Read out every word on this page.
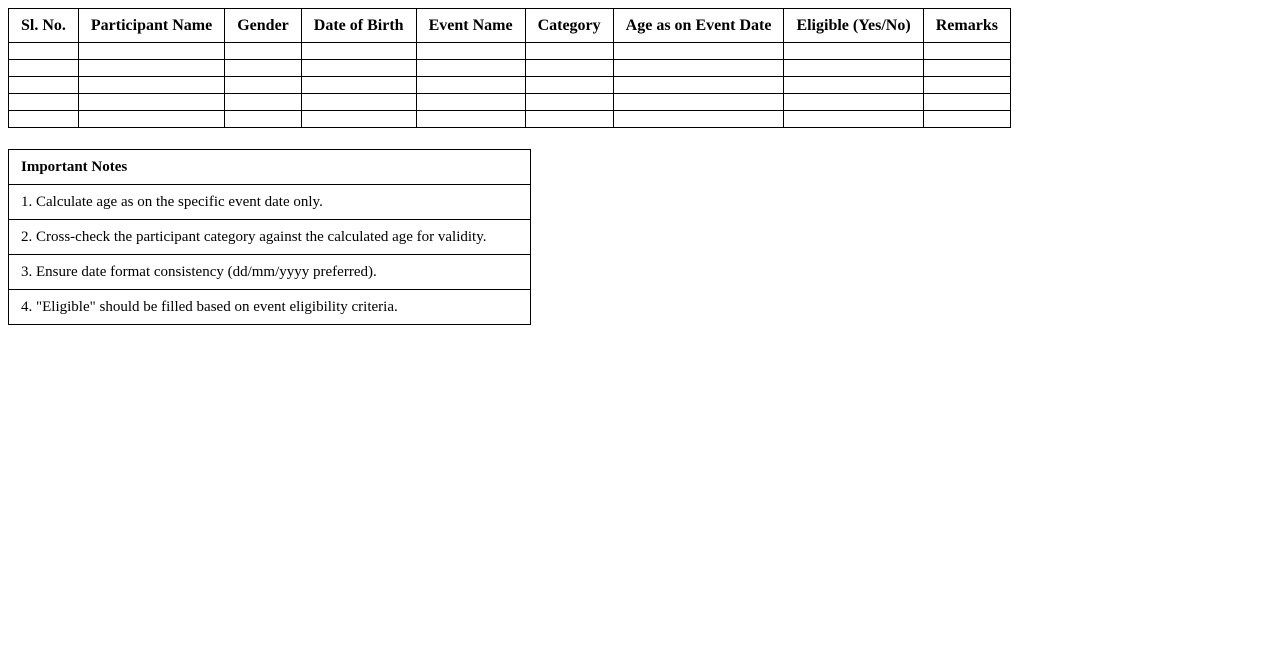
Sl. No.	Participant Name	Gender	Date of Birth	Event Name	Category	Age as on Event Date	Eligible (Yes/No)	Remarks

Important Notes
1. Calculate age as on the specific event date only.
2. Cross-check the participant category against the calculated age for validity.
3. Ensure date format consistency (dd/mm/yyyy preferred).
4. "Eligible" should be filled based on event eligibility criteria.
